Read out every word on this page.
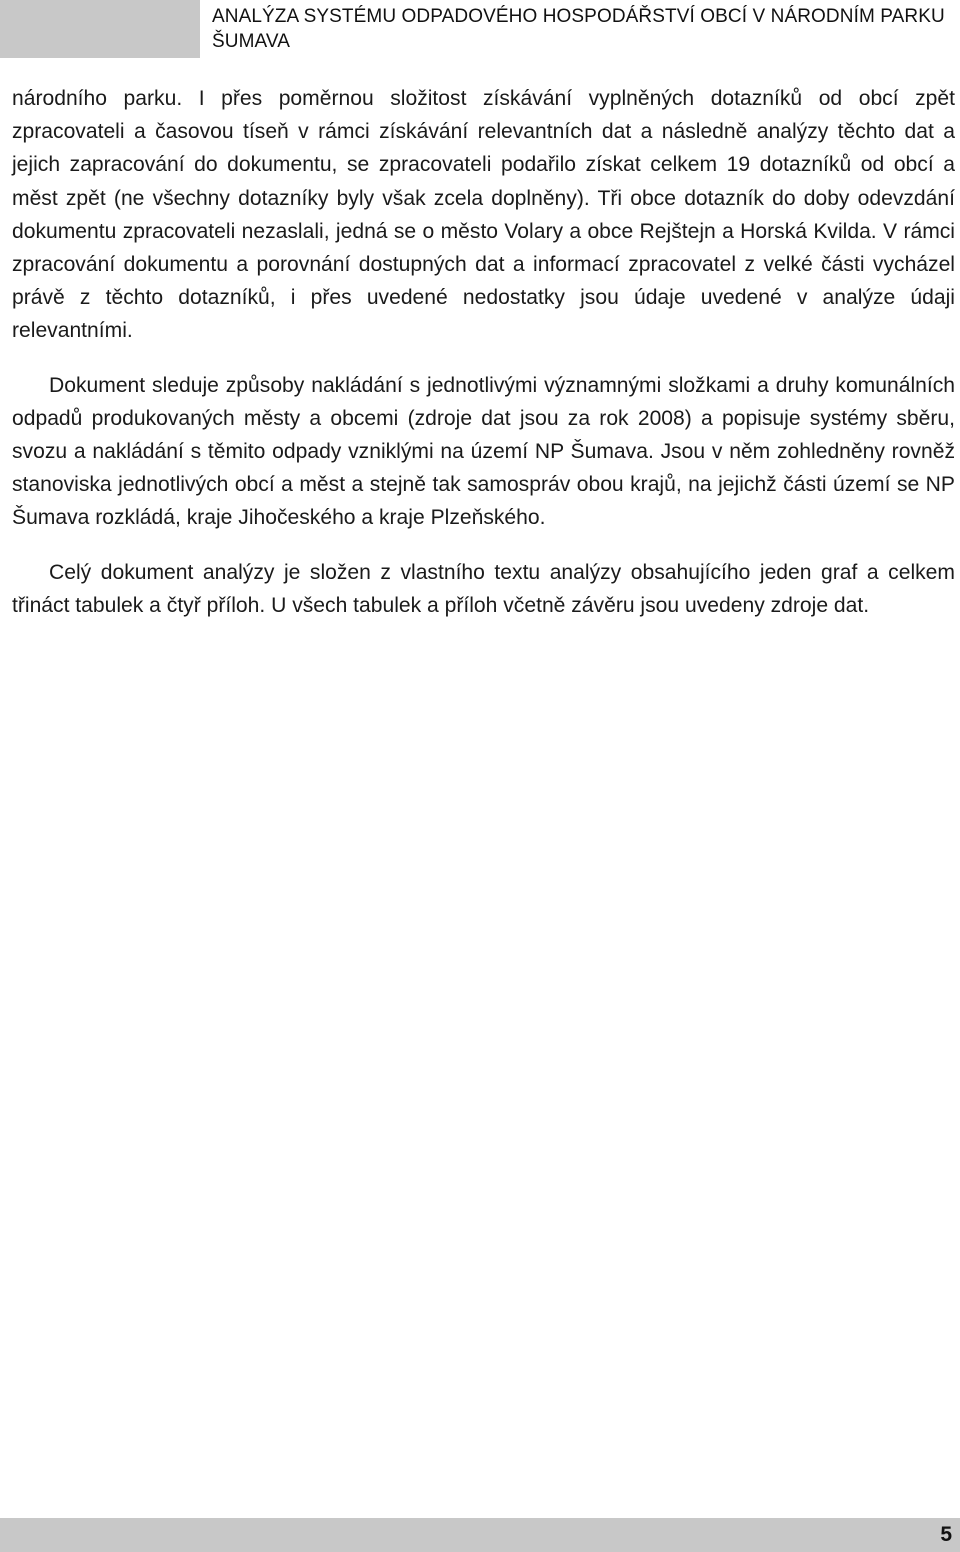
ANALÝZA SYSTÉMU ODPADOVÉHO HOSPODÁŘSTVÍ OBCÍ V NÁRODNÍM PARKU ŠUMAVA

národního parku. I přes poměrnou složitost získávání vyplněných dotazníků od obcí zpět zpracovateli a časovou tíseň v rámci získávání relevantních dat a následně analýzy těchto dat a jejich zapracování do dokumentu, se zpracovateli podařilo získat celkem 19 dotazníků od obcí a měst zpět (ne všechny dotazníky byly však zcela doplněny). Tři obce dotazník do doby odevzdání dokumentu zpracovateli nezaslali, jedná se o město Volary a obce Rejštejn a Horská Kvilda. V rámci zpracování dokumentu a porovnání dostupných dat a informací zpracovatel z velké části vycházel právě z těchto dotazníků, i přes uvedené nedostatky jsou údaje uvedené v analýze údaji relevantními.

Dokument sleduje způsoby nakládání s jednotlivými významnými složkami a druhy komunálních odpadů produkovaných městy a obcemi (zdroje dat jsou za rok 2008) a popisuje systémy sběru, svozu a nakládání s těmito odpady vzniklými na území NP Šumava. Jsou v něm zohledněny rovněž stanoviska jednotlivých obcí a měst a stejně tak samospráv obou krajů, na jejichž části území se NP Šumava rozkládá, kraje Jihočeského a kraje Plzeňského.

Celý dokument analýzy je složen z vlastního textu analýzy obsahujícího jeden graf a celkem třináct tabulek a čtyř příloh. U všech tabulek a příloh včetně závěru jsou uvedeny zdroje dat.

5
